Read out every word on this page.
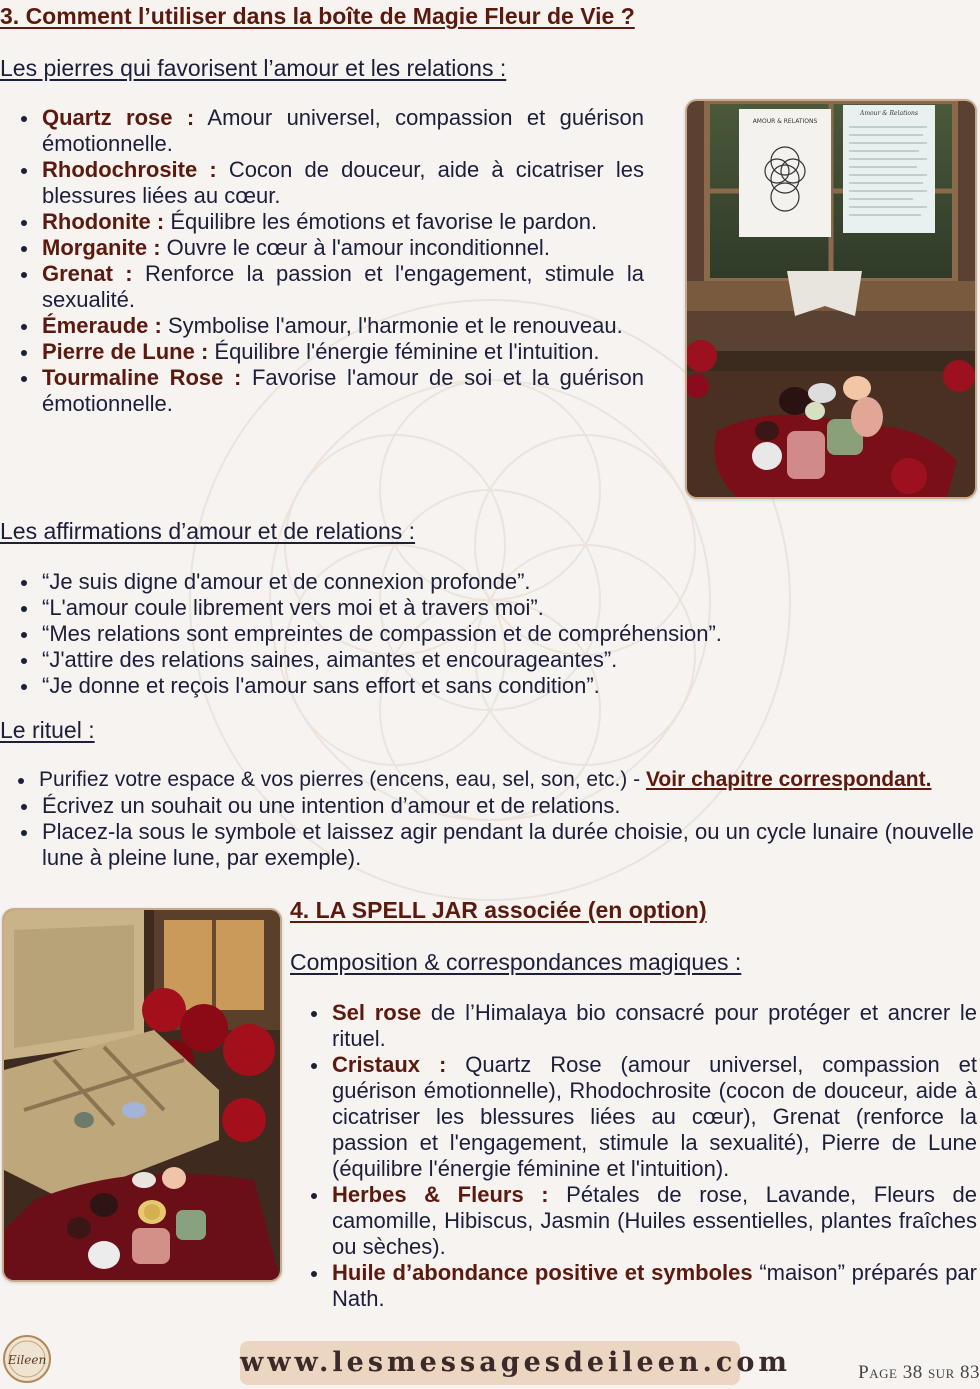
3. Comment l’utiliser dans la boîte de Magie Fleur de Vie ?

Les pierres qui favorisent l’amour et les relations :

Quartz rose : Amour universel, compassion et guérison émotionnelle.
Rhodochrosite : Cocon de douceur, aide à cicatriser les blessures liées au cœur.
Rhodonite : Équilibre les émotions et favorise le pardon.
Morganite : Ouvre le cœur à l'amour inconditionnel.
Grenat : Renforce la passion et l'engagement, stimule la sexualité.
Émeraude : Symbolise l'amour, l'harmonie et le renouveau.
Pierre de Lune : Équilibre l'énergie féminine et l'intuition.
Tourmaline Rose : Favorise l'amour de soi et la guérison émotionnelle.
AMOUR & RELATIONS
Amour & Relations

Les affirmations d’amour et de relations :

“Je suis digne d'amour et de connexion profonde”.
“L'amour coule librement vers moi et à travers moi”.
“Mes relations sont empreintes de compassion et de compréhension”.
“J'attire des relations saines, aimantes et encourageantes”.
“Je donne et reçois l'amour sans effort et sans condition”.

Le rituel :

Purifiez votre espace & vos pierres (encens, eau, sel, son, etc.) - Voir chapitre correspondant.
Écrivez un souhait ou une intention d’amour et de relations.
Placez-la sous le symbole et laissez agir pendant la durée choisie, ou un cycle lunaire (nouvelle lune à pleine lune, par exemple).
4. LA SPELL JAR associée (en option)

Composition & correspondances magiques :

Sel rose de l’Himalaya bio consacré pour protéger et ancrer le rituel.
Cristaux : Quartz Rose (amour universel, compassion et guérison émotionnelle), Rhodochrosite (cocon de douceur, aide à cicatriser les blessures liées au cœur), Grenat (renforce la passion et l'engagement, stimule la sexualité), Pierre de Lune (équilibre l'énergie féminine et l'intuition).
Herbes & Fleurs : Pétales de rose, Lavande, Fleurs de camomille, Hibiscus, Jasmin (Huiles essentielles, plantes fraîches ou sèches).
Huile d’abondance positive et symboles “maison” préparés par Nath.
Eileen	www.lesmessagesdeileen.com	Page 38 sur 83
